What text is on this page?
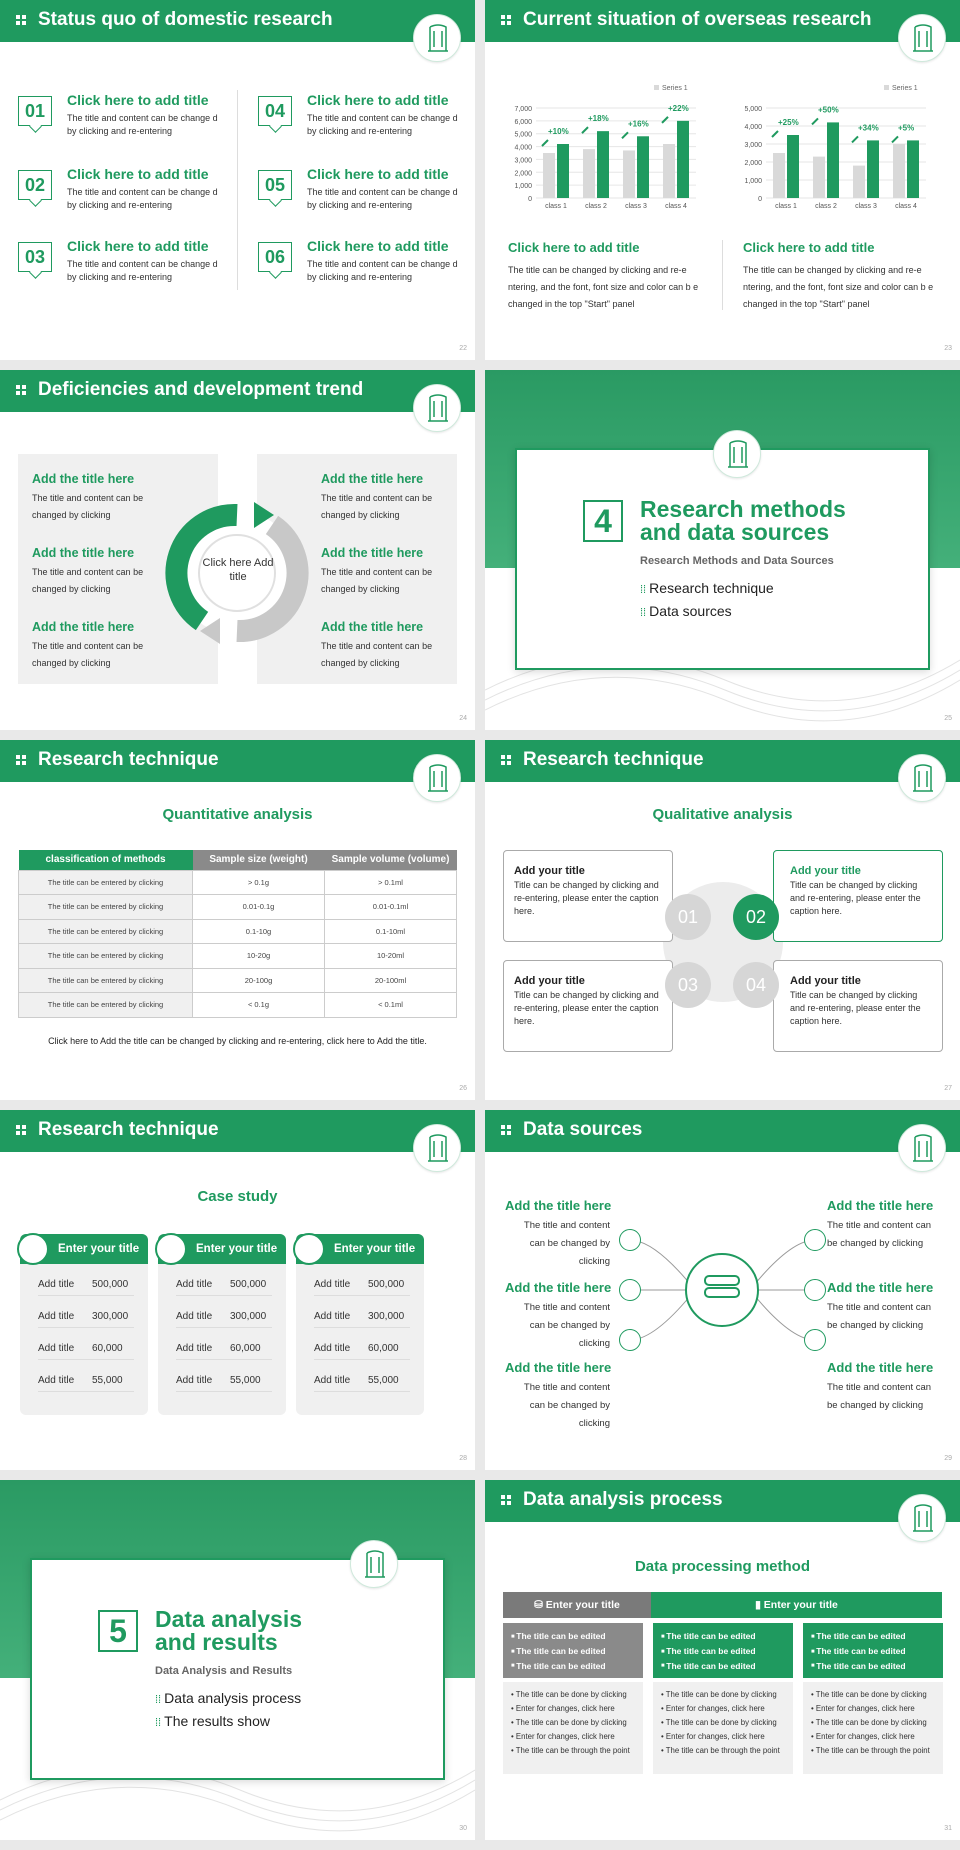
Status quo of domestic research
01
Click here to add title
The title and content can be change d by clicking and re-entering
02
Click here to add title
The title and content can be change d by clicking and re-entering
03
Click here to add title
The title and content can be change d by clicking and re-entering
04
Click here to add title
The title and content can be change d by clicking and re-entering
05
Click here to add title
The title and content can be change d by clicking and re-entering
06
Click here to add title
The title and content can be change d by clicking and re-entering
22
Current situation of overseas research
0
1,000
2,000
3,000
4,000
5,000
6,000
7,000
class 1
+10%
class 2
+18%
class 3
+16%
class 4
+22%
Series 1
0
1,000
2,000
3,000
4,000
5,000
class 1
+25%
class 2
+50%
class 3
+34%
class 4
+5%
Series 1
Click here to add title
The title can be changed by clicking and re-e ntering, and the font, font size and color can b e changed in the top "Start" panel
Click here to add title
The title can be changed by clicking and re-e ntering, and the font, font size and color can b e changed in the top "Start" panel
23
Deficiencies and development trend
Click here Add title
Add the title here
The title and content can be changed by clicking
Add the title here
The title and content can be changed by clicking
Add the title here
The title and content can be changed by clicking
Add the title here
The title and content can be changed by clicking
Add the title here
The title and content can be changed by clicking
Add the title here
The title and content can be changed by clicking
24
4	Research methods
and data sources
Research Methods and Data Sources
⁞⁞ Research technique
⁞⁞ Data sources
25
Research technique
Quantitative analysis
classification of methods	Sample size (weight)	Sample volume (volume)
The title can be entered by clicking	> 0.1g	> 0.1ml
The title can be entered by clicking	0.01-0.1g	0.01-0.1ml
The title can be entered by clicking	0.1-10g	0.1-10ml
The title can be entered by clicking	10-20g	10-20ml
The title can be entered by clicking	20-100g	20-100ml
The title can be entered by clicking	< 0.1g	< 0.1ml
Click here to Add the title can be changed by clicking and re-entering, click here to Add the title.
26
Research technique
Qualitative analysis
Add your title
Title can be changed by clicking and re-entering, please enter the caption here.
Add your title
Title can be changed by clicking and re-entering, please enter the caption here.
Add your title
Title can be changed by clicking and re-entering, please enter the caption here.
Add your title
Title can be changed by clicking and re-entering, please enter the caption here.
01	02
03	04
27
Research technique
Case study
Enter your title
Add title 500,000
Add title 300,000
Add title 60,000
Add title 55,000
Enter your title
Add title 500,000
Add title 300,000
Add title 60,000
Add title 55,000
Enter your title
Add title 500,000
Add title 300,000
Add title 60,000
Add title 55,000
28
Data sources
Add the title here
The title and content can be changed by clicking
Add the title here
The title and content can be changed by clicking
Add the title here
The title and content can be changed by clicking
Add the title here
The title and content can be changed by clicking
Add the title here
The title and content can be changed by clicking
Add the title here
The title and content can be changed by clicking
29
5	Data analysis
and results
Data Analysis and Results
⁞⁞ Data analysis process
⁞⁞ The results show
30
Data analysis process
Data processing method
⛁ Enter your title	▮ Enter your title
■ The title can be edited
■ The title can be edited
■ The title can be edited
• The title can be done by clicking
• Enter for changes, click here
• The title can be done by clicking
• Enter for changes, click here
• The title can be through the point
■ The title can be edited
■ The title can be edited
■ The title can be edited
• The title can be done by clicking
• Enter for changes, click here
• The title can be done by clicking
• Enter for changes, click here
• The title can be through the point
■ The title can be edited
■ The title can be edited
■ The title can be edited
• The title can be done by clicking
• Enter for changes, click here
• The title can be done by clicking
• Enter for changes, click here
• The title can be through the point
31
